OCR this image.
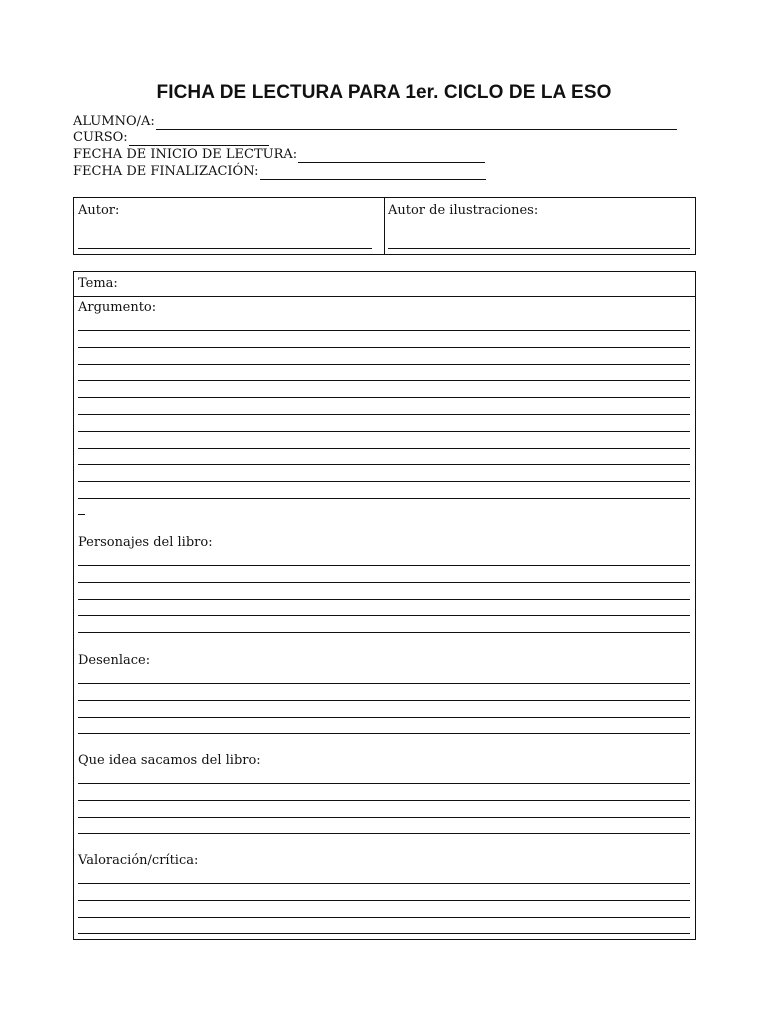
FICHA DE LECTURA PARA 1er. CICLO DE LA ESO
ALUMNO/A:
CURSO:
FECHA DE INICIO DE LECTURA:
FECHA DE FINALIZACIÓN:
Autor:	Autor de ilustraciones:
Tema:
Argumento:
Personajes del libro:
Desenlace:
Que idea sacamos del libro:
Valoración/crítica:
